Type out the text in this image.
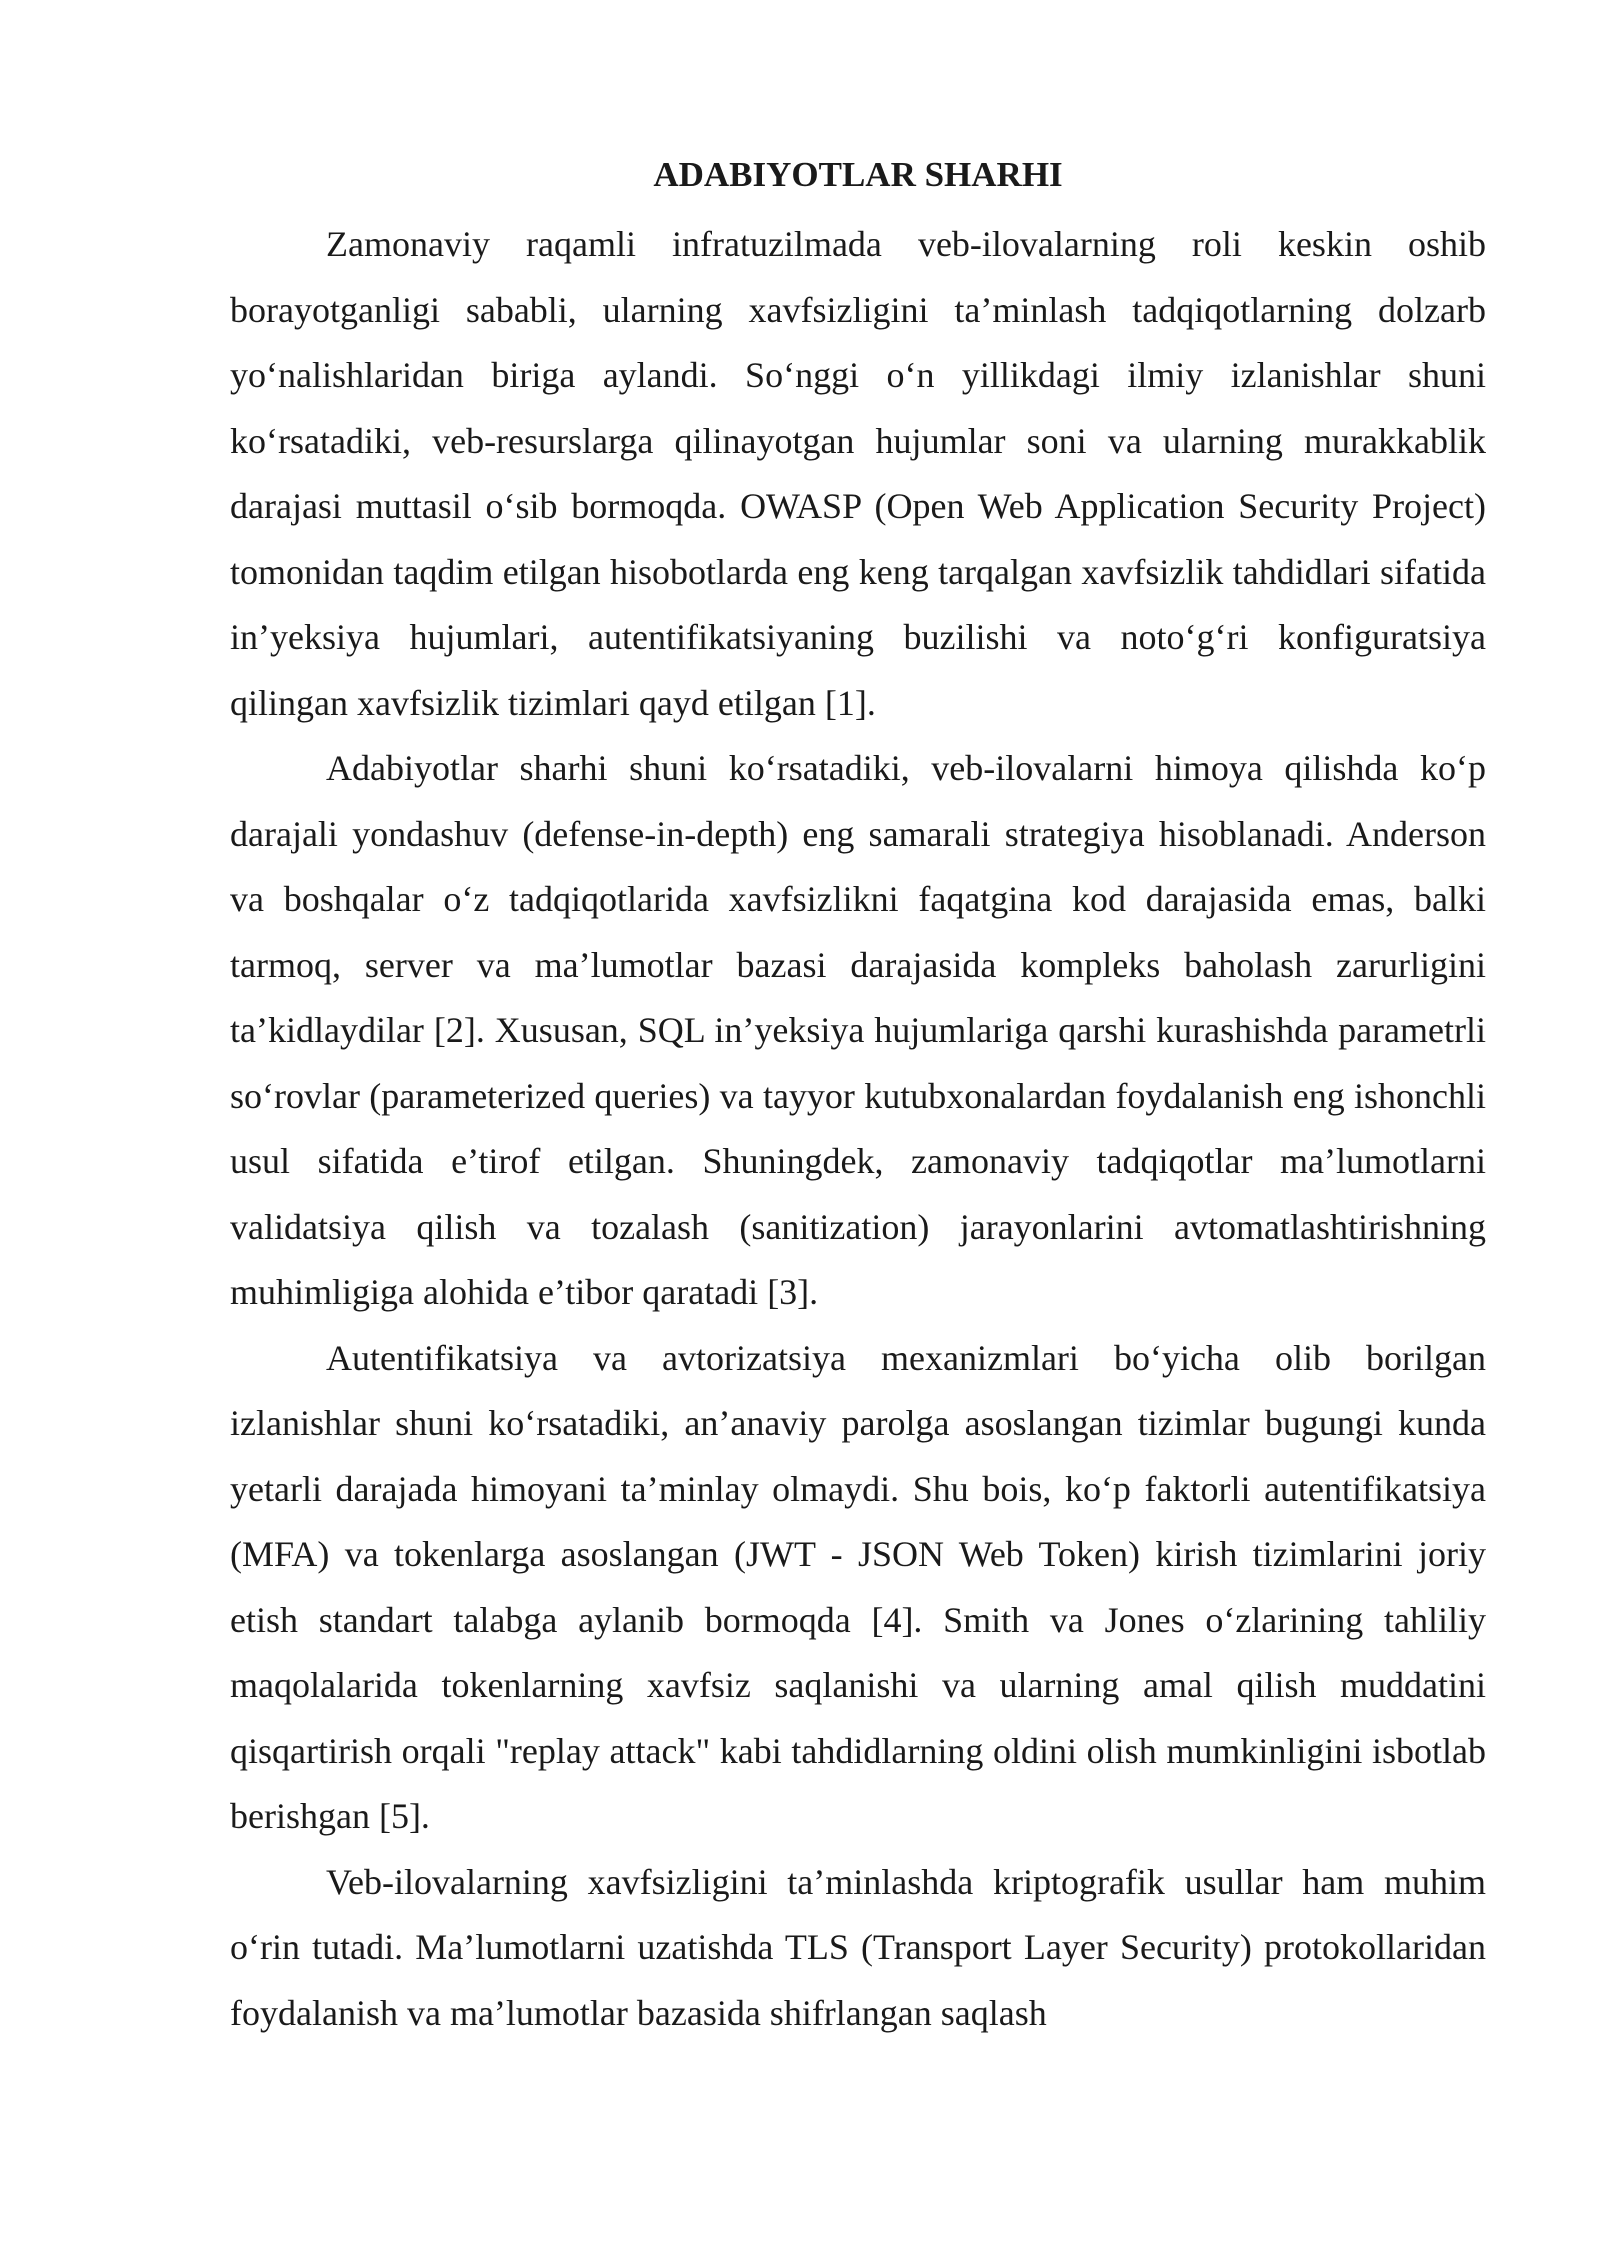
ADABIYOTLAR SHARHI

Zamonaviy raqamli infratuzilmada veb-ilovalarning roli keskin oshib borayotganligi sababli, ularning xavfsizligini ta’minlash tadqiqotlarning dolzarb yo‘nalishlaridan biriga aylandi. So‘nggi o‘n yillikdagi ilmiy izlanishlar shuni ko‘rsatadiki, veb-resurslarga qilinayotgan hujumlar soni va ularning murakkablik darajasi muttasil o‘sib bormoqda. OWASP (Open Web Application Security Project) tomonidan taqdim etilgan hisobotlarda eng keng tarqalgan xavfsizlik tahdidlari sifatida in’yeksiya hujumlari, autentifikatsiyaning buzilishi va noto‘g‘ri konfiguratsiya qilingan xavfsizlik tizimlari qayd etilgan [1].

Adabiyotlar sharhi shuni ko‘rsatadiki, veb-ilovalarni himoya qilishda ko‘p darajali yondashuv (defense-in-depth) eng samarali strategiya hisoblanadi. Anderson va boshqalar o‘z tadqiqotlarida xavfsizlikni faqatgina kod darajasida emas, balki tarmoq, server va ma’lumotlar bazasi darajasida kompleks baholash zarurligini ta’kidlaydilar [2]. Xususan, SQL in’yeksiya hujumlariga qarshi kurashishda parametrli so‘rovlar (parameterized queries) va tayyor kutubxonalardan foydalanish eng ishonchli usul sifatida e’tirof etilgan. Shuningdek, zamonaviy tadqiqotlar ma’lumotlarni validatsiya qilish va tozalash (sanitization) jarayonlarini avtomatlashtirishning muhimligiga alohida e’tibor qaratadi [3].

Autentifikatsiya va avtorizatsiya mexanizmlari bo‘yicha olib borilgan izlanishlar shuni ko‘rsatadiki, an’anaviy parolga asoslangan tizimlar bugungi kunda yetarli darajada himoyani ta’minlay olmaydi. Shu bois, ko‘p faktorli autentifikatsiya (MFA) va tokenlarga asoslangan (JWT - JSON Web Token) kirish tizimlarini joriy etish standart talabga aylanib bormoqda [4]. Smith va Jones o‘zlarining tahliliy maqolalarida tokenlarning xavfsiz saqlanishi va ularning amal qilish muddatini qisqartirish orqali "replay attack" kabi tahdidlarning oldini olish mumkinligini isbotlab berishgan [5].

Veb-ilovalarning xavfsizligini ta’minlashda kriptografik usullar ham muhim o‘rin tutadi. Ma’lumotlarni uzatishda TLS (Transport Layer Security) protokollaridan foydalanish va ma’lumotlar bazasida shifrlangan saqlash
